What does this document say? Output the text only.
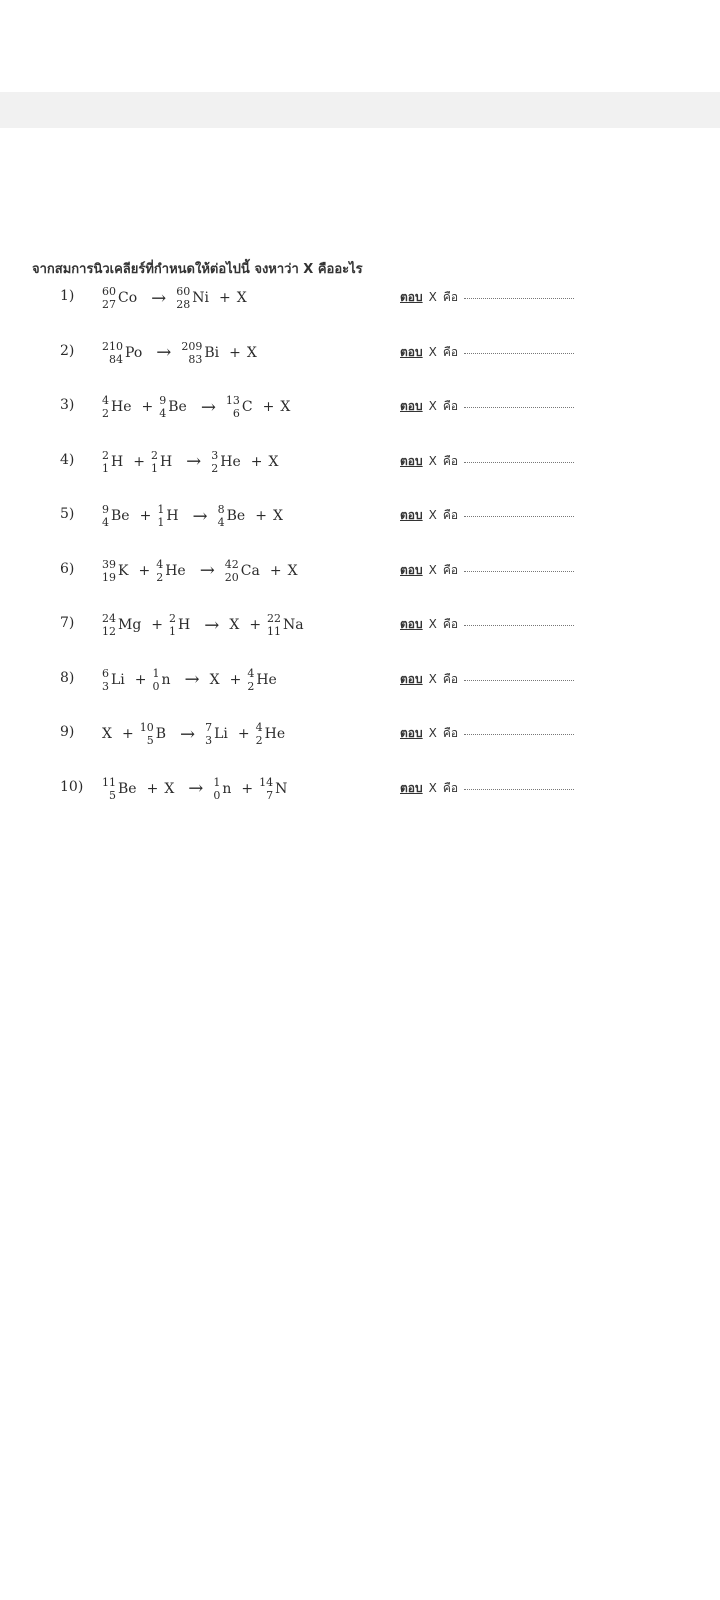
จากสมการนิวเคลียร์ที่กำหนดให้ต่อไปนี้ จงหาว่า X คืออะไร
1)	60
27 Co → 60
28 Ni + X	ตอบ X คือ
2)	210
84 Po → 209
83 Bi + X	ตอบ X คือ
3)	4
2 He + 9
4 Be → 13
6 C + X	ตอบ X คือ
4)	2
1 H + 2
1 H → 3
2 He + X	ตอบ X คือ
5)	9
4 Be + 1
1 H → 8
4 Be + X	ตอบ X คือ
6)	39
19 K + 4
2 He → 42
20 Ca + X	ตอบ X คือ
7)	24
12 Mg + 2
1 H → X + 22
11 Na	ตอบ X คือ
8)	6
3 Li + 1
0 n → X + 4
2 He	ตอบ X คือ
9) X + 10
5 B → 7
3 Li + 4
2 He	ตอบ X คือ
10) 11
5 Be + X → 1
0 n + 14
7 N	ตอบ X คือ
